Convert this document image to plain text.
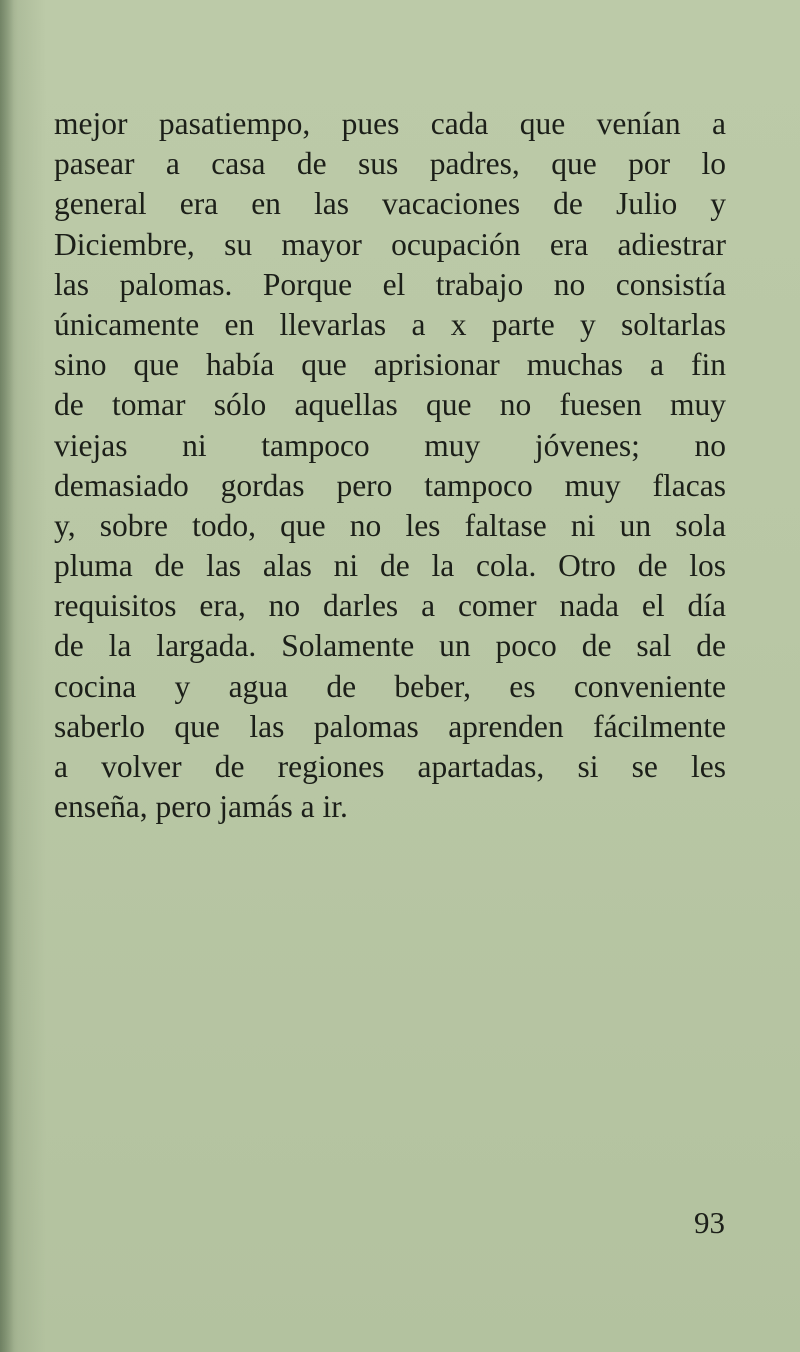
mejor pasatiempo, pues cada que venían a
pasear a casa de sus padres, que por lo
general era en las vacaciones de Julio y
Diciembre, su mayor ocupación era adiestrar
las palomas. Porque el trabajo no consistía
únicamente en llevarlas a x parte y soltarlas
sino que había que aprisionar muchas a fin
de tomar sólo aquellas que no fuesen muy
viejas ni tampoco muy jóvenes; no
demasiado gordas pero tampoco muy flacas
y, sobre todo, que no les faltase ni un sola
pluma de las alas ni de la cola. Otro de los
requisitos era, no darles a comer nada el día
de la largada. Solamente un poco de sal de
cocina y agua de beber, es conveniente
saberlo que las palomas aprenden fácilmente
a volver de regiones apartadas, si se les
enseña, pero jamás a ir.
93
